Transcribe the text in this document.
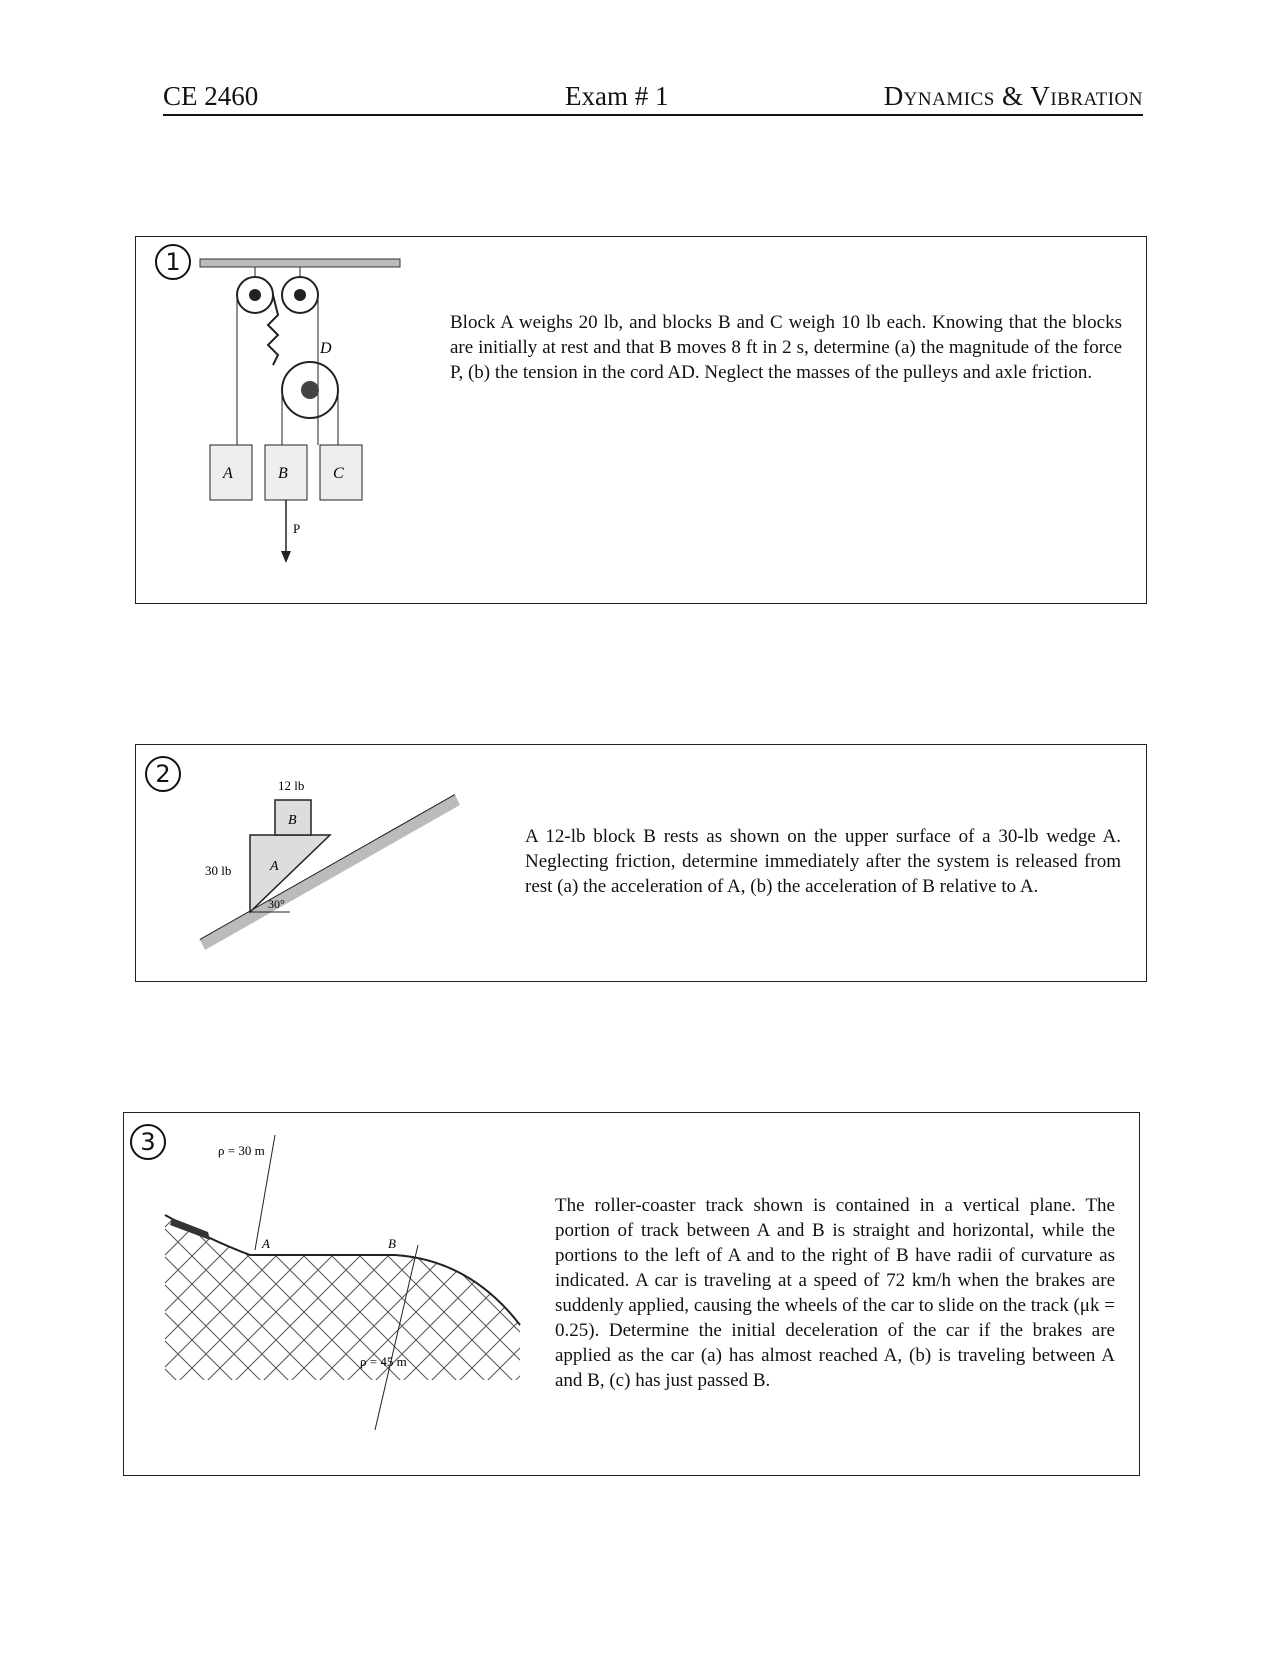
CE 2460	Exam # 1	Dynamics & Vibration
1
D
A	B	C
P
Block A weighs 20 lb, and blocks B and C weigh 10 lb each. Knowing that the blocks are initially at rest and that B moves 8 ft in 2 s, determine (a) the magnitude of the force P, (b) the tension in the cord AD. Neglect the masses of the pulleys and axle friction.
2
B
A
12 lb
30 lb
30°
A 12-lb block B rests as shown on the upper surface of a 30-lb wedge A. Neglecting friction, determine immediately after the system is released from rest (a) the acceleration of A, (b) the acceleration of B relative to A.
3	ρ = 30 m
ρ = 45 m
A	B
The roller-coaster track shown is contained in a vertical plane. The portion of track between A and B is straight and horizontal, while the portions to the left of A and to the right of B have radii of curvature as indicated. A car is traveling at a speed of 72 km/h when the brakes are suddenly applied, causing the wheels of the car to slide on the track (μk = 0.25). Determine the initial deceleration of the car if the brakes are applied as the car (a) has almost reached A, (b) is traveling between A and B, (c) has just passed B.
